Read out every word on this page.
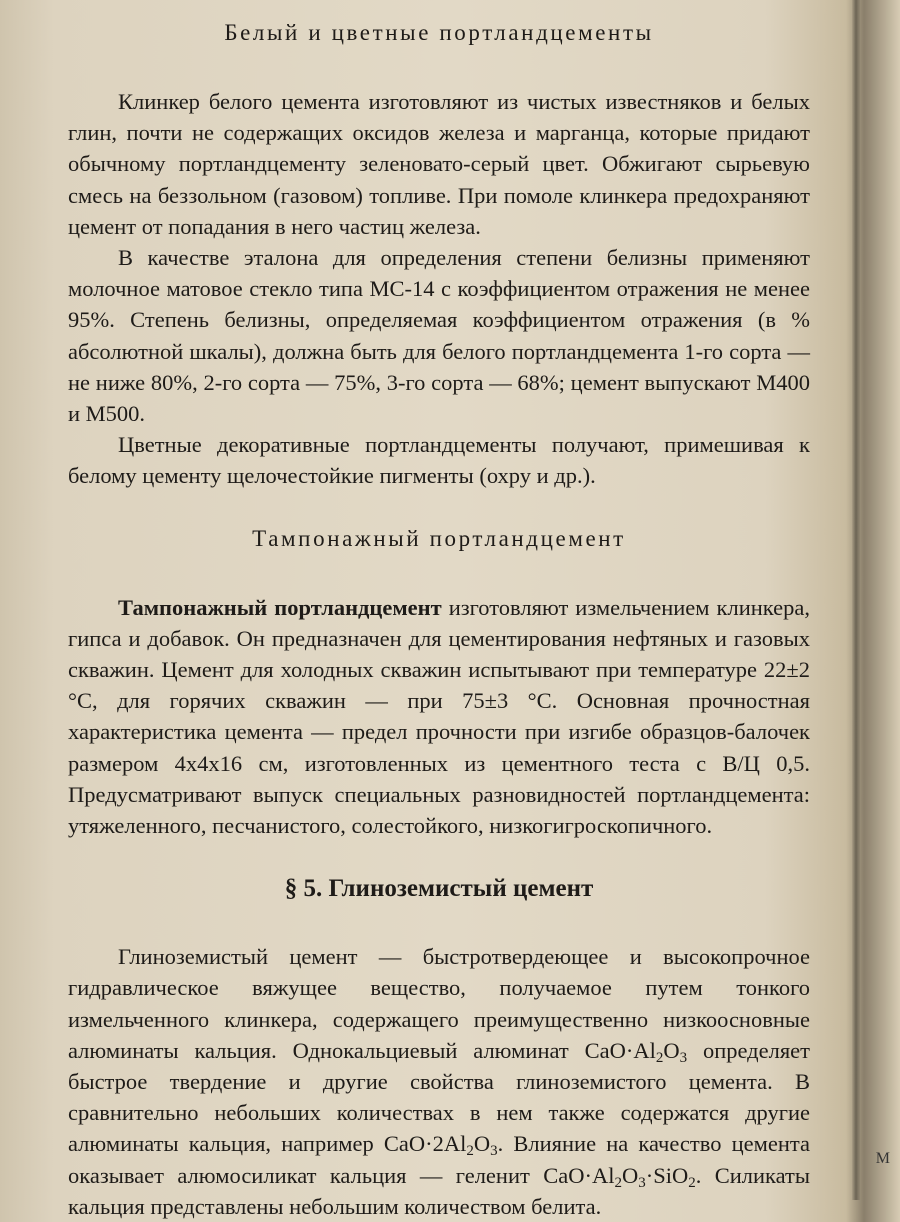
Белый и цветные портландцементы

Клинкер белого цемента изготовляют из чистых известняков и белых глин, почти не содержащих оксидов железа и марганца, которые придают обычному портландцементу зеленовато-серый цвет. Обжигают сырьевую смесь на беззольном (газовом) топливе. При помоле клинкера предохраняют цемент от попадания в него частиц железа.

В качестве эталона для определения степени белизны применяют молочное матовое стекло типа МС-14 с коэффициентом отражения не менее 95%. Степень белизны, определяемая коэффициентом отражения (в % абсолютной шкалы), должна быть для белого портландцемента 1-го сорта — не ниже 80%, 2-го сорта — 75%, 3-го сорта — 68%; цемент выпускают М400 и М500.

Цветные декоративные портландцементы получают, примешивая к белому цементу щелочестойкие пигменты (охру и др.).

Тампонажный портландцемент

Тампонажный портландцемент изготовляют измельчением клинкера, гипса и добавок. Он предназначен для цементирования нефтяных и газовых скважин. Цемент для холодных скважин испытывают при температуре 22±2 °С, для горячих скважин — при 75±3 °С. Основная прочностная характеристика цемента — предел прочности при изгибе образцов-балочек размером 4x4x16 см, изготовленных из цементного теста с В/Ц 0,5. Предусматривают выпуск специальных разновидностей портландцемента: утяжеленного, песчанистого, солестойкого, низкогигроскопичного.

§ 5. Глиноземистый цемент

Глиноземистый цемент — быстротвердеющее и высокопрочное гидравлическое вяжущее вещество, получаемое путем тонкого измельченного клинкера, содержащего преимущественно низкоосновные алюминаты кальция. Однокальциевый алюминат $CaO\cdot Al_2O_3$ определяет быстрое твердение и другие свойства глиноземистого цемента. В сравнительно небольших количествах в нем также содержатся другие алюминаты кальция, например $CaO\cdot 2Al_2O_3$. Влияние на качество цемента оказывает алюмосиликат кальция — геленит $CaO\cdot Al_2O_3\cdot SiO_2$. Силикаты кальция представлены небольшим количеством белита.

М
